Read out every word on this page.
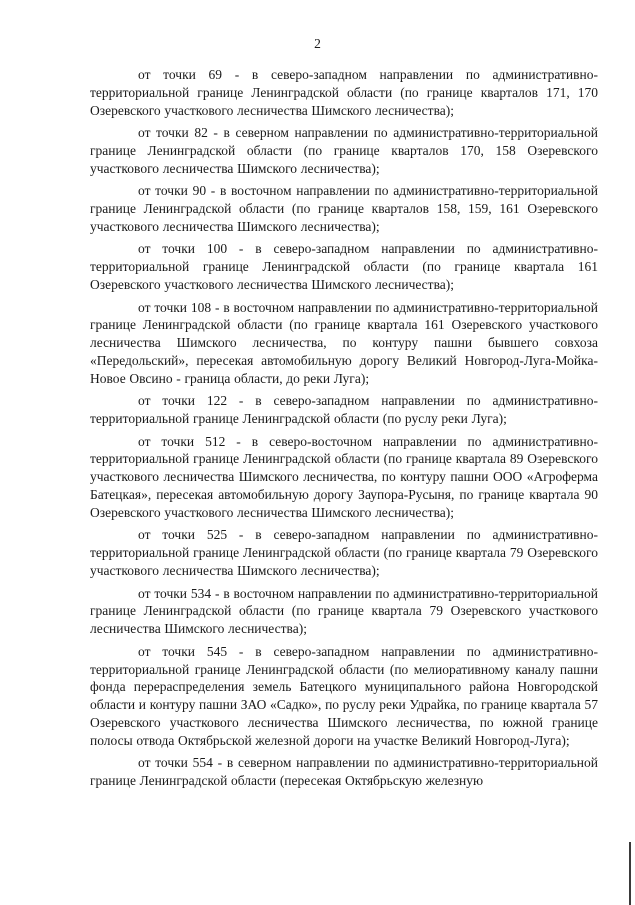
2

от точки 69 - в северо-западном направлении по административно-территориальной границе Ленинградской области (по границе кварталов 171, 170 Озеревского участкового лесничества Шимского лесничества);

от точки 82 - в северном направлении по административно-территориальной границе Ленинградской области (по границе кварталов 170, 158 Озеревского участкового лесничества Шимского лесничества);

от точки 90 - в восточном направлении по административно-территориальной границе Ленинградской области (по границе кварталов 158, 159, 161 Озеревского участкового лесничества Шимского лесничества);

от точки 100 - в северо-западном направлении по административно-территориальной границе Ленинградской области (по границе квартала 161 Озеревского участкового лесничества Шимского лесничества);

от точки 108 - в восточном направлении по административно-территориальной границе Ленинградской области (по границе квартала 161 Озеревского участкового лесничества Шимского лесничества, по контуру пашни бывшего совхоза «Передольский», пересекая автомобильную дорогу Великий Новгород-Луга-Мойка-Новое Овсино - граница области, до реки Луга);

от точки 122 - в северо-западном направлении по административно-территориальной границе Ленинградской области (по руслу реки Луга);

от точки 512 - в северо-восточном направлении по административно-территориальной границе Ленинградской области (по границе квартала 89 Озеревского участкового лесничества Шимского лесничества, по контуру пашни ООО «Агроферма Батецкая», пересекая автомобильную дорогу Заупора-Русыня, по границе квартала 90 Озеревского участкового лесничества Шимского лесничества);

от точки 525 - в северо-западном направлении по административно-территориальной границе Ленинградской области (по границе квартала 79 Озеревского участкового лесничества Шимского лесничества);

от точки 534 - в восточном направлении по административно-территориальной границе Ленинградской области (по границе квартала 79 Озеревского участкового лесничества Шимского лесничества);

от точки 545 - в северо-западном направлении по административно-территориальной границе Ленинградской области (по мелиоративному каналу пашни фонда перераспределения земель Батецкого муниципального района Новгородской области и контуру пашни ЗАО «Садко», по руслу реки Удрайка, по границе квартала 57 Озеревского участкового лесничества Шимского лесничества, по южной границе полосы отвода Октябрьской железной дороги на участке Великий Новгород-Луга);

от точки 554 - в северном направлении по административно-территориальной границе Ленинградской области (пересекая Октябрьскую железную
